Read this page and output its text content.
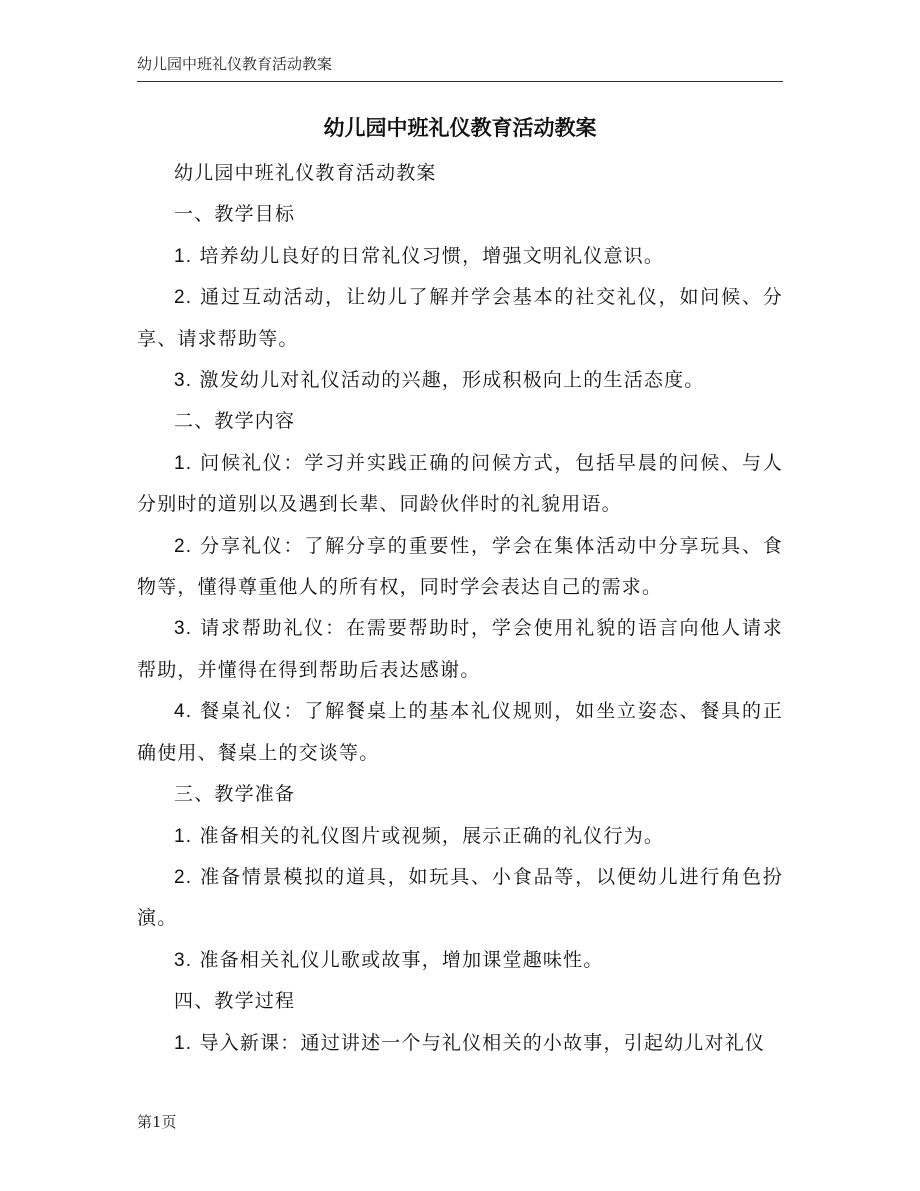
幼儿园中班礼仪教育活动教案
幼儿园中班礼仪教育活动教案

幼儿园中班礼仪教育活动教案

一、教学目标

1. 培养幼儿良好的日常礼仪习惯，增强文明礼仪意识。

2. 通过互动活动，让幼儿了解并学会基本的社交礼仪，如问候、分享、请求帮助等。

3. 激发幼儿对礼仪活动的兴趣，形成积极向上的生活态度。

二、教学内容

1. 问候礼仪：学习并实践正确的问候方式，包括早晨的问候、与人分别时的道别以及遇到长辈、同龄伙伴时的礼貌用语。

2. 分享礼仪：了解分享的重要性，学会在集体活动中分享玩具、食物等，懂得尊重他人的所有权，同时学会表达自己的需求。

3. 请求帮助礼仪：在需要帮助时，学会使用礼貌的语言向他人请求帮助，并懂得在得到帮助后表达感谢。

4. 餐桌礼仪：了解餐桌上的基本礼仪规则，如坐立姿态、餐具的正确使用、餐桌上的交谈等。

三、教学准备

1. 准备相关的礼仪图片或视频，展示正确的礼仪行为。

2. 准备情景模拟的道具，如玩具、小食品等，以便幼儿进行角色扮演。

3. 准备相关礼仪儿歌或故事，增加课堂趣味性。

四、教学过程

1. 导入新课：通过讲述一个与礼仪相关的小故事，引起幼儿对礼仪

第1页
